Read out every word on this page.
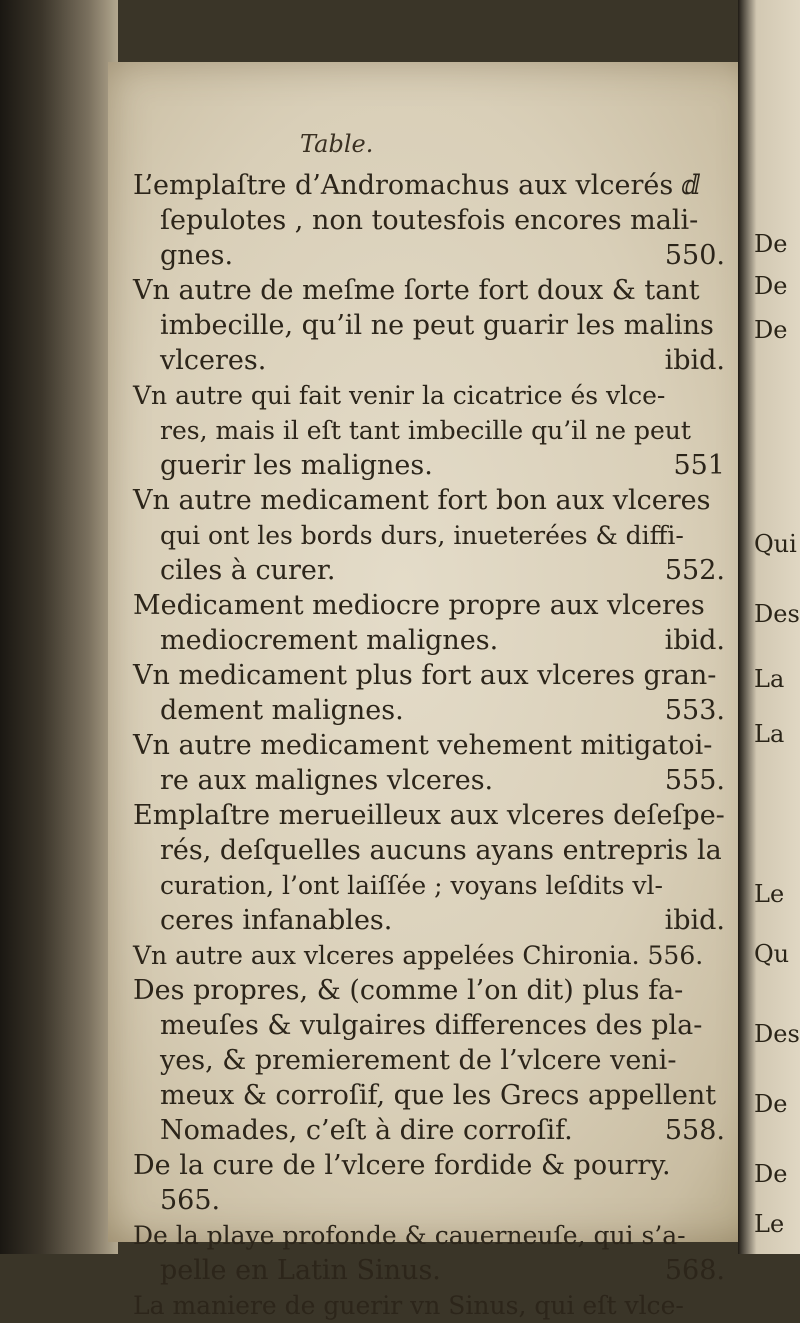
De
De
De
Qui
Des
La
La
Le
Qu
Des
De
De
Le
Table.
L’emplaſtre d’Andromachus aux vlcerés ⅆ
ſepulotes , non toutesfois encores mali-
gnes.	550.
Vn autre de meſme ſorte fort doux & tant
imbecille, qu’il ne peut guarir les malins
vlceres.	ibid.
Vn autre qui fait venir la cicatrice és vlce-
res, mais il eſt tant imbecille qu’il ne peut
guerir les malignes.	551
Vn autre medicament fort bon aux vlceres
qui ont les bords durs, inueterées & diffi-
ciles à curer.	552.
Medicament mediocre propre aux vlceres
mediocrement malignes.	ibid.
Vn medicament plus fort aux vlceres gran-
dement malignes.	553.
Vn autre medicament vehement mitigatoi-
re aux malignes vlceres.	555.
Emplaſtre merueilleux aux vlceres deſeſpe-
rés, deſquelles aucuns ayans entrepris la
curation, l’ont laiſſée ; voyans leſdits vl-
ceres infanables.	ibid.
Vn autre aux vlceres appelées Chironia. 556.
Des propres, & (comme l’on dit) plus fa-
meuſes & vulgaires differences des pla-
yes, & premierement de l’vlcere veni-
meux & corroſif, que les Grecs appellent
Nomades, c’eſt à dire corroſif.	558.
De la cure de l’vlcere fordide & pourry.
565.
De la playe profonde & cauerneuſe, qui s’a-
pelle en Latin Sinus.	568.
La maniere de guerir vn Sinus, qui eſt vlce-
